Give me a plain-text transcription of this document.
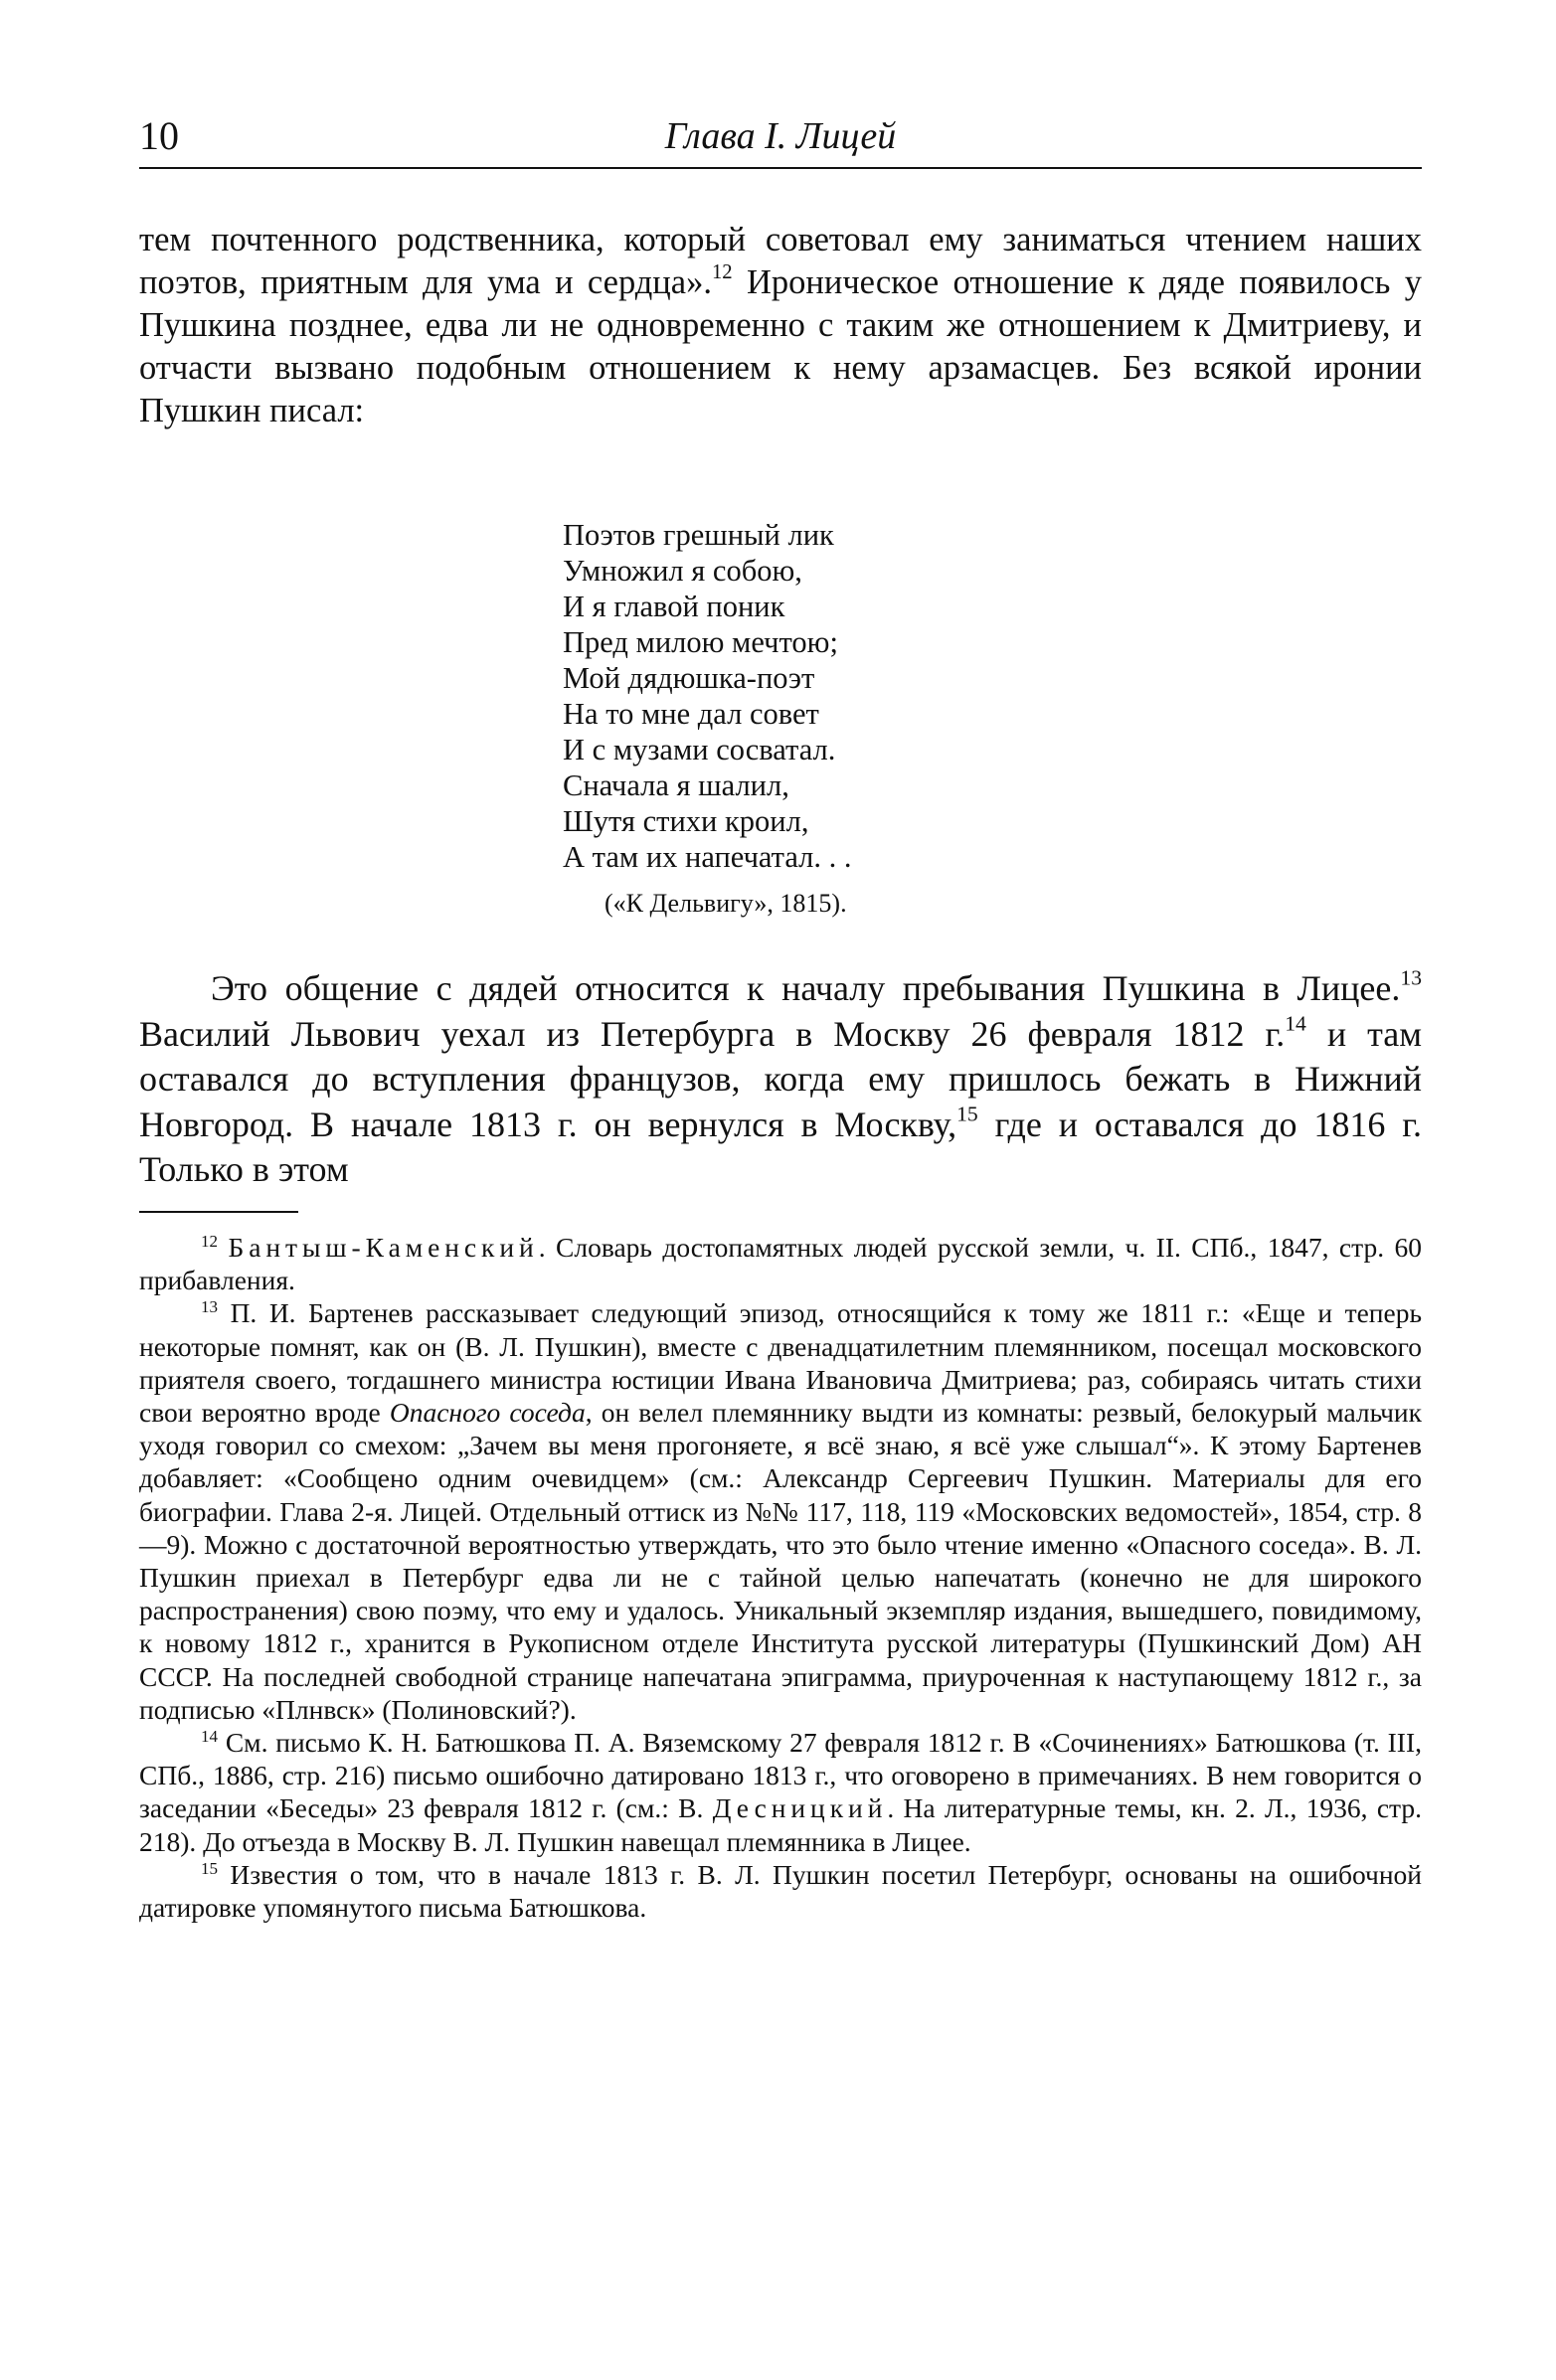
10	Глава I. Лицей

тем почтенного родственника, который советовал ему заниматься чтением наших поэтов, приятным для ума и сердца».$^{12}$ Ироническое отношение к дяде появилось у Пушкина позднее, едва ли не одновременно с таким же отношением к Дмитриеву, и отчасти вызвано подобным отношением к нему арзамасцев. Без всякой иронии Пушкин писал:

Поэтов грешный лик
Умножил я собою,
И я главой поник
Пред милою мечтою;
Мой дядюшка-поэт
На то мне дал совет
И с музами сосватал.
Сначала я шалил,
Шутя стихи кроил,
А там их напечатал. . .
(«К Дельвигу», 1815).

Это общение с дядей относится к началу пребывания Пушкина в Лицее.$^{13}$ Василий Львович уехал из Петербурга в Москву 26 февраля 1812 г.$^{14}$ и там оставался до вступления французов, когда ему пришлось бежать в Нижний Новгород. В начале 1813 г. он вернулся в Москву,$^{15}$ где и оставался до 1816 г. Только в этом

$^{12}$ Бантыш-Каменский. Словарь достопамятных людей русской земли, ч. II. СПб., 1847, стр. 60 прибавления.

$^{13}$ П. И. Бартенев рассказывает следующий эпизод, относящийся к тому же 1811 г.: «Еще и теперь некоторые помнят, как он (В. Л. Пушкин), вместе с двенадцатилетним племянником, посещал московского приятеля своего, тогдашнего министра юстиции Ивана Ивановича Дмитриева; раз, собираясь читать стихи свои вероятно вроде Опасного соседа, он велел племяннику выдти из комнаты: резвый, белокурый мальчик уходя говорил со смехом: „Зачем вы меня прогоняете, я всё знаю, я всё уже слышал“». К этому Бартенев добавляет: «Сообщено одним очевидцем» (см.: Александр Сергеевич Пушкин. Материалы для его биографии. Глава 2-я. Лицей. Отдельный оттиск из №№ 117, 118, 119 «Московских ведомостей», 1854, стр. 8—9). Можно с достаточной вероятностью утверждать, что это было чтение именно «Опасного соседа». В. Л. Пушкин приехал в Петербург едва ли не с тайной целью напечатать (конечно не для широкого распространения) свою поэму, что ему и удалось. Уникальный экземпляр издания, вышедшего, повидимому, к новому 1812 г., хранится в Рукописном отделе Института русской литературы (Пушкинский Дом) АН СССР. На последней свободной странице напечатана эпиграмма, приуроченная к наступающему 1812 г., за подписью «Плнвск» (Полиновский?).

$^{14}$ См. письмо К. Н. Батюшкова П. А. Вяземскому 27 февраля 1812 г. В «Сочинениях» Батюшкова (т. III, СПб., 1886, стр. 216) письмо ошибочно датировано 1813 г., что оговорено в примечаниях. В нем говорится о заседании «Беседы» 23 февраля 1812 г. (см.: В. Десницкий. На литературные темы, кн. 2. Л., 1936, стр. 218). До отъезда в Москву В. Л. Пушкин навещал племянника в Лицее.

$^{15}$ Известия о том, что в начале 1813 г. В. Л. Пушкин посетил Петербург, основаны на ошибочной датировке упомянутого письма Батюшкова.
